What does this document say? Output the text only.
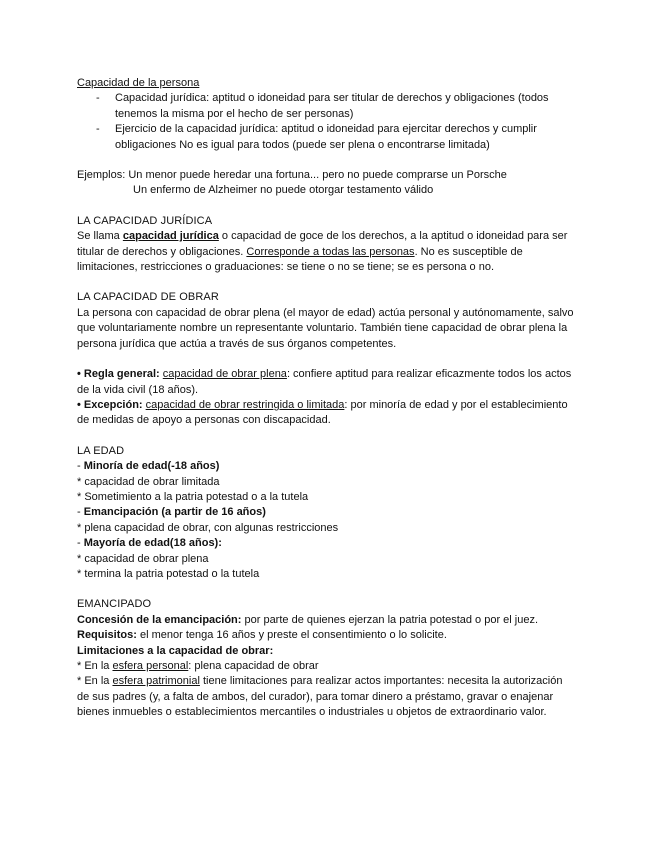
Capacidad de la persona

- Capacidad jurídica: aptitud o idoneidad para ser titular de derechos y obligaciones (todos tenemos la misma por el hecho de ser personas)
- Ejercicio de la capacidad jurídica: aptitud o idoneidad para ejercitar derechos y cumplir obligaciones No es igual para todos (puede ser plena o encontrarse limitada)

Ejemplos: Un menor puede heredar una fortuna... pero no puede comprarse un Porsche

Un enfermo de Alzheimer no puede otorgar testamento válido

LA CAPACIDAD JURÍDICA

Se llama capacidad jurídica o capacidad de goce de los derechos, a la aptitud o idoneidad para ser titular de derechos y obligaciones. Corresponde a todas las personas. No es susceptible de limitaciones, restricciones o graduaciones: se tiene o no se tiene; se es persona o no.

LA CAPACIDAD DE OBRAR

La persona con capacidad de obrar plena (el mayor de edad) actúa personal y autónomamente, salvo que voluntariamente nombre un representante voluntario. También tiene capacidad de obrar plena la persona jurídica que actúa a través de sus órganos competentes.

• Regla general: capacidad de obrar plena: confiere aptitud para realizar eficazmente todos los actos de la vida civil (18 años).

• Excepción: capacidad de obrar restringida o limitada: por minoría de edad y por el establecimiento de medidas de apoyo a personas con discapacidad.

LA EDAD

- Minoría de edad(-18 años)

* capacidad de obrar limitada

* Sometimiento a la patria potestad o a la tutela

- Emancipación (a partir de 16 años)

* plena capacidad de obrar, con algunas restricciones

- Mayoría de edad(18 años):

* capacidad de obrar plena

* termina la patria potestad o la tutela

EMANCIPADO

Concesión de la emancipación: por parte de quienes ejerzan la patria potestad o por el juez.

Requisitos: el menor tenga 16 años y preste el consentimiento o lo solicite.

Limitaciones a la capacidad de obrar:

* En la esfera personal: plena capacidad de obrar

* En la esfera patrimonial tiene limitaciones para realizar actos importantes: necesita la autorización de sus padres (y, a falta de ambos, del curador), para tomar dinero a préstamo, gravar o enajenar bienes inmuebles o establecimientos mercantiles o industriales u objetos de extraordinario valor.
